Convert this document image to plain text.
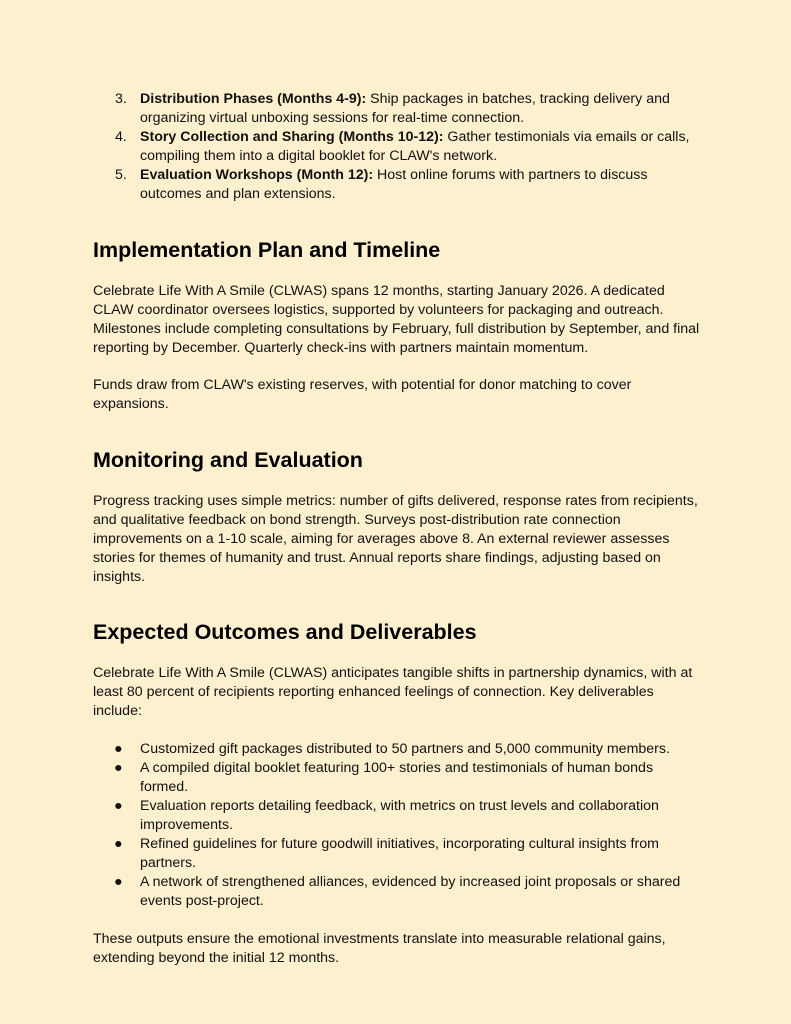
3. Distribution Phases (Months 4-9): Ship packages in batches, tracking delivery and organizing virtual unboxing sessions for real-time connection.
4. Story Collection and Sharing (Months 10-12): Gather testimonials via emails or calls, compiling them into a digital booklet for CLAW's network.
5. Evaluation Workshops (Month 12): Host online forums with partners to discuss outcomes and plan extensions.
Implementation Plan and Timeline

Celebrate Life With A Smile (CLWAS) spans 12 months, starting January 2026. A dedicated CLAW coordinator oversees logistics, supported by volunteers for packaging and outreach. Milestones include completing consultations by February, full distribution by September, and final reporting by December. Quarterly check-ins with partners maintain momentum.

Funds draw from CLAW's existing reserves, with potential for donor matching to cover expansions.

Monitoring and Evaluation

Progress tracking uses simple metrics: number of gifts delivered, response rates from recipients, and qualitative feedback on bond strength. Surveys post-distribution rate connection improvements on a 1-10 scale, aiming for averages above 8. An external reviewer assesses stories for themes of humanity and trust. Annual reports share findings, adjusting based on insights.

Expected Outcomes and Deliverables

Celebrate Life With A Smile (CLWAS) anticipates tangible shifts in partnership dynamics, with at least 80 percent of recipients reporting enhanced feelings of connection. Key deliverables include:

● Customized gift packages distributed to 50 partners and 5,000 community members.
● A compiled digital booklet featuring 100+ stories and testimonials of human bonds formed.
● Evaluation reports detailing feedback, with metrics on trust levels and collaboration improvements.
● Refined guidelines for future goodwill initiatives, incorporating cultural insights from partners.
● A network of strengthened alliances, evidenced by increased joint proposals or shared events post-project.

These outputs ensure the emotional investments translate into measurable relational gains, extending beyond the initial 12 months.
